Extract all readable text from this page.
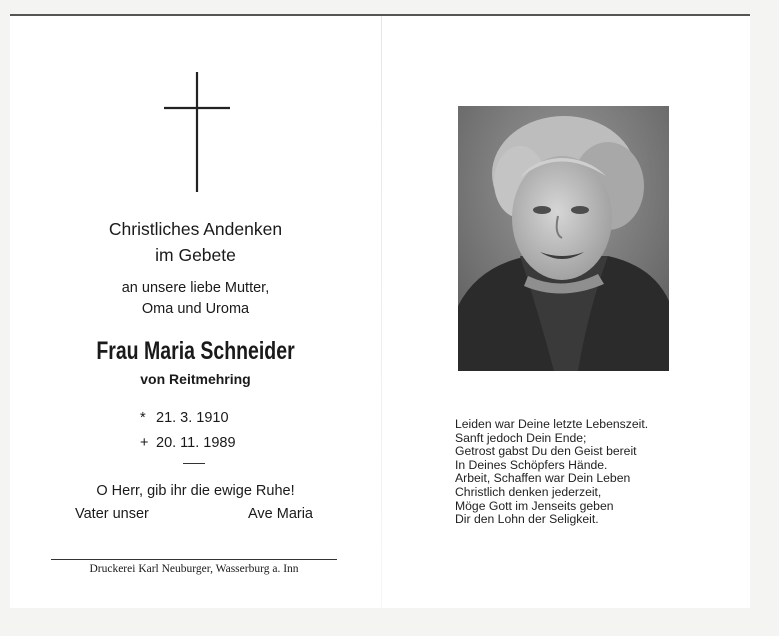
Christliches Andenken
im Gebete
an unsere liebe Mutter,
Oma und Uroma
Frau Maria Schneider
von Reitmehring
* 21. 3. 1910
+ 20. 11. 1989
O Herr, gib ihr die ewige Ruhe!
Vater unser	Ave Maria
Druckerei Karl Neuburger, Wasserburg a. Inn
Leiden war Deine letzte Lebenszeit.
Sanft jedoch Dein Ende;
Getrost gabst Du den Geist bereit
In Deines Schöpfers Hände.
Arbeit, Schaffen war Dein Leben
Christlich denken jederzeit,
Möge Gott im Jenseits geben
Dir den Lohn der Seligkeit.
